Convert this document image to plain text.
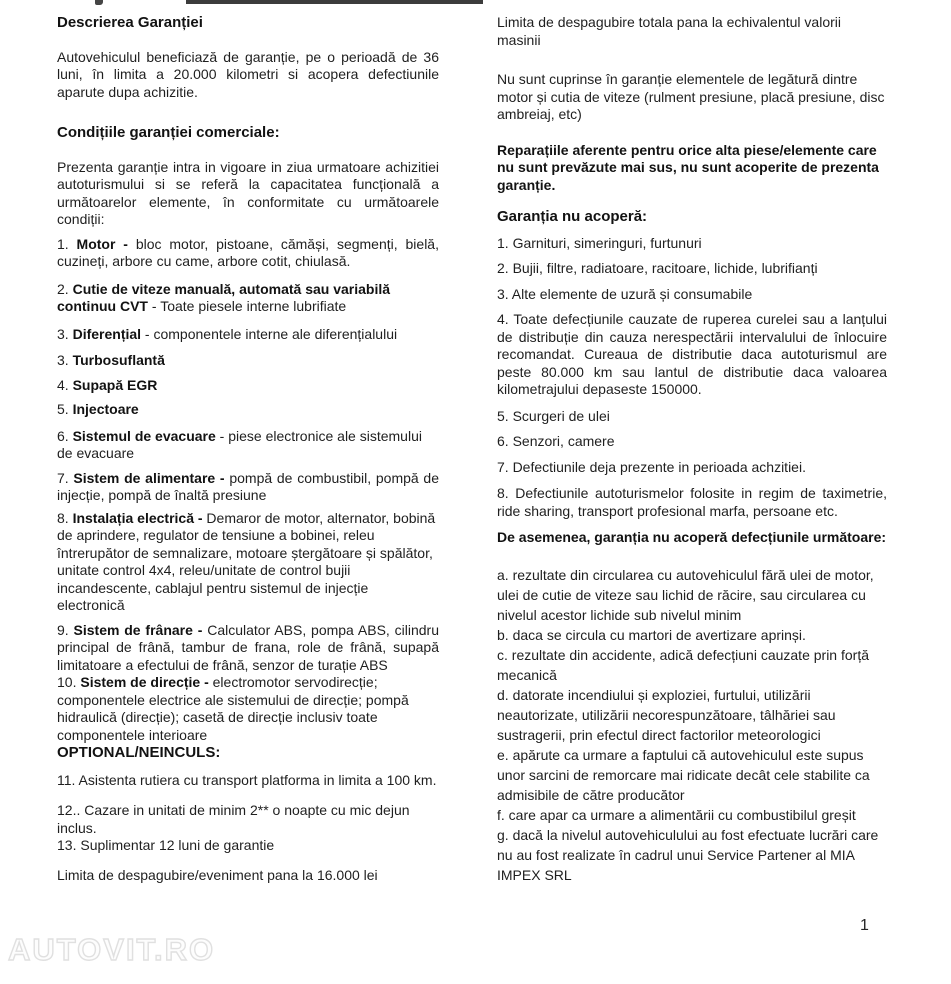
Descrierea Garanției

Autovehiculul beneficiază de garanție, pe o perioadă de 36 luni, în limita a 20.000 kilometri si acopera defectiunile aparute dupa achizitie.

Condițiile garanției comerciale:

Prezenta garanție intra in vigoare in ziua urmatoare achizitiei autoturismului si se referă la capacitatea funcțională a următoarelor elemente, în conformitate cu următoarele condiții:

1. Motor - bloc motor, pistoane, cămăși, segmenți, bielă, cuzineți, arbore cu came, arbore cotit, chiulasă.

2. Cutie de viteze manuală, automată sau variabilă continuu CVT - Toate piesele interne lubrifiate

3. Diferențial - componentele interne ale diferențialului

3. Turbosuflantă

4. Supapă EGR

5. Injectoare

6. Sistemul de evacuare - piese electronice ale sistemului de evacuare

7. Sistem de alimentare - pompă de combustibil, pompă de injecție, pompă de înaltă presiune

8. Instalația electrică - Demaror de motor, alternator, bobină de aprindere, regulator de tensiune a bobinei, releu întrerupător de semnalizare, motoare ștergătoare și spălător, unitate control 4x4, releu/unitate de control bujii incandescente, cablajul pentru sistemul de injecție electronică

9. Sistem de frânare - Calculator ABS, pompa ABS, cilindru principal de frână, tambur de frana, role de frână, supapă limitatoare a efectului de frână, senzor de turație ABS

10. Sistem de direcție - electromotor servodirecție; componentele electrice ale sistemului de direcție; pompă hidraulică (direcție); casetă de direcție inclusiv toate componentele interioare

OPTIONAL/NEINCULS:

11. Asistenta rutiera cu transport platforma in limita a 100 km.

12.. Cazare in unitati de minim 2** o noapte cu mic dejun inclus.

13. Suplimentar 12 luni de garantie

Limita de despagubire/eveniment pana la 16.000 lei

Limita de despagubire totala pana la echivalentul valorii masinii

Nu sunt cuprinse în garanție elementele de legătură dintre motor și cutia de viteze (rulment presiune, placă presiune, disc ambreiaj, etc)

Reparațiile aferente pentru orice alta piese/elemente care nu sunt prevăzute mai sus, nu sunt acoperite de prezenta garanție.

Garanția nu acoperă:

1. Garnituri, simeringuri, furtunuri

2. Bujii, filtre, radiatoare, racitoare, lichide, lubrifianți

3. Alte elemente de uzură și consumabile

4. Toate defecțiunile cauzate de ruperea curelei sau a lanțului de distribuție din cauza nerespectării intervalului de înlocuire recomandat. Cureaua de distributie daca autoturismul are peste 80.000 km sau lantul de distributie daca valoarea kilometrajului depaseste 150000.

5. Scurgeri de ulei

6. Senzori, camere

7. Defectiunile deja prezente in perioada achzitiei.

8. Defectiunile autoturismelor folosite in regim de taximetrie, ride sharing, transport profesional marfa, persoane etc.

De asemenea, garanția nu acoperă defecțiunile următoare:

a. rezultate din circularea cu autovehiculul fără ulei de motor, ulei de cutie de viteze sau lichid de răcire, sau circularea cu nivelul acestor lichide sub nivelul minim

b. daca se circula cu martori de avertizare aprinși.

c. rezultate din accidente, adică defecțiuni cauzate prin forță mecanică

d. datorate incendiului și exploziei, furtului, utilizării neautorizate, utilizării necorespunzătoare, tâlhăriei sau sustragerii, prin efectul direct factorilor meteorologici

e. apărute ca urmare a faptului că autovehiculul este supus unor sarcini de remorcare mai ridicate decât cele stabilite ca admisibile de către producător

f. care apar ca urmare a alimentării cu combustibilul greșit

g. dacă la nivelul autovehiculului au fost efectuate lucrări care nu au fost realizate în cadrul unui Service Partener al MIA IMPEX SRL

AUTOVIT.RO
1
